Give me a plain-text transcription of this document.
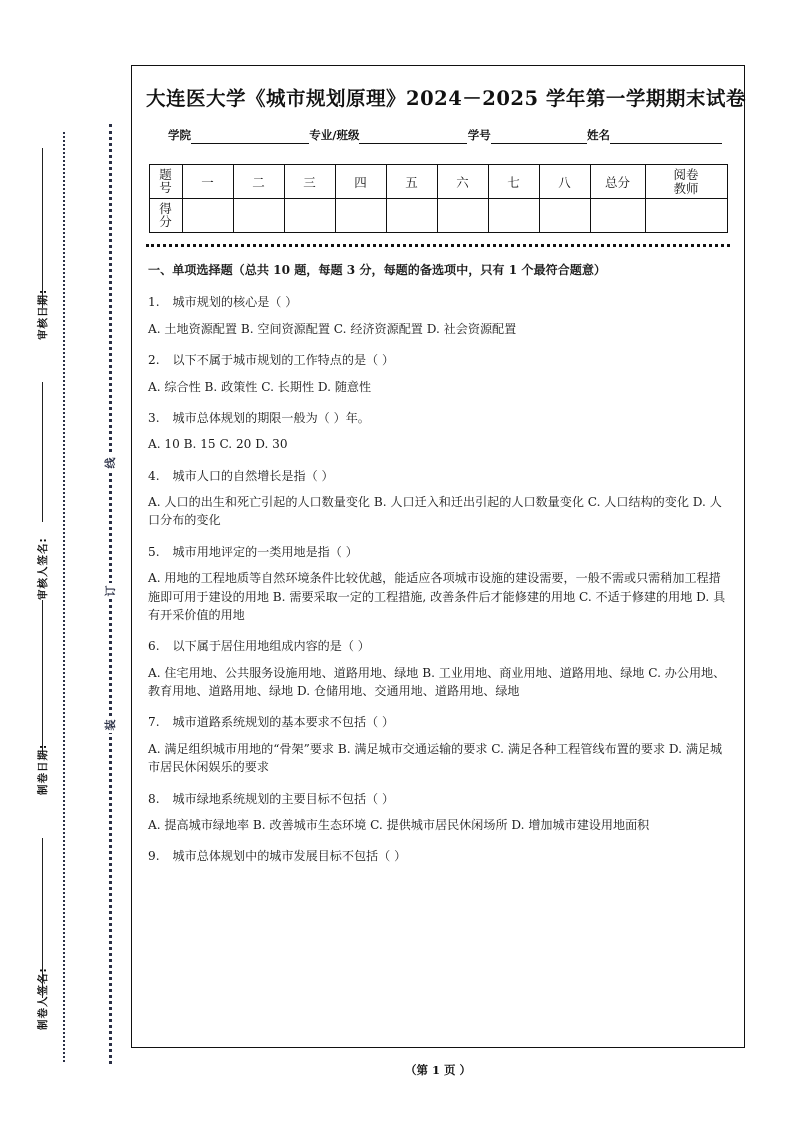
审核日期:
审核人签名:
制卷日期:
制卷人签名:
线
订
装
大连医大学《城市规划原理》2024－2025 学年第一学期期末试卷
学院	专业/班级	学号	姓名
题
号	一	二	三	四	五	六	七	八	总分	阅卷
教师

得
分										

一、单项选择题（总共 10 题，每题 3 分，每题的备选项中，只有 1 个最符合题意）
1. 城市规划的核心是（ ）
A. 土地资源配置 B. 空间资源配置 C. 经济资源配置 D. 社会资源配置
2. 以下不属于城市规划的工作特点的是（ ）
A. 综合性 B. 政策性 C. 长期性 D. 随意性
3. 城市总体规划的期限一般为（ ）年。
A. 10 B. 15 C. 20 D. 30
4. 城市人口的自然增长是指（ ）
A. 人口的出生和死亡引起的人口数量变化 B. 人口迁入和迁出引起的人口数量变化 C. 人口结构的变化 D. 人口分布的变化
5. 城市用地评定的一类用地是指（ ）
A. 用地的工程地质等自然环境条件比较优越，能适应各项城市设施的建设需要，一般不需或只需稍加工程措施即可用于建设的用地 B. 需要采取一定的工程措施, 改善条件后才能修建的用地 C. 不适于修建的用地 D. 具有开采价值的用地
6. 以下属于居住用地组成内容的是（ ）
A. 住宅用地、公共服务设施用地、道路用地、绿地 B. 工业用地、商业用地、道路用地、绿地 C. 办公用地、教育用地、道路用地、绿地 D. 仓储用地、交通用地、道路用地、绿地
7. 城市道路系统规划的基本要求不包括（ ）
A. 满足组织城市用地的“骨架”要求 B. 满足城市交通运输的要求 C. 满足各种工程管线布置的要求 D. 满足城市居民休闲娱乐的要求
8. 城市绿地系统规划的主要目标不包括（ ）
A. 提高城市绿地率 B. 改善城市生态环境 C. 提供城市居民休闲场所 D. 增加城市建设用地面积
9. 城市总体规划中的城市发展目标不包括（ ）
（第 1 页 ）
